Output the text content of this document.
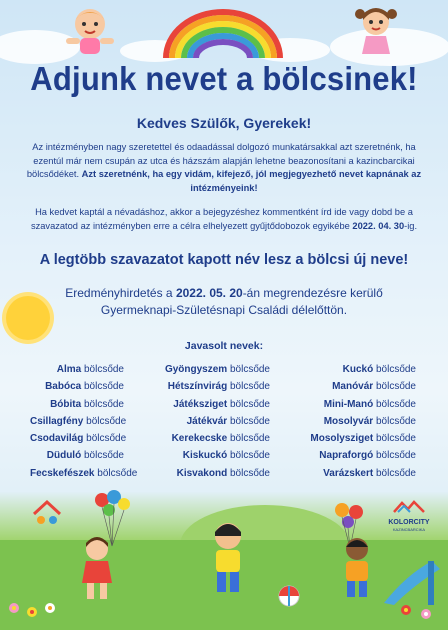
Adjunk nevet a bölcsinek!
Kedves Szülők, Gyerekek!
Az intézményben nagy szeretettel és odaadással dolgozó munkatársakkal azt szeretnénk, ha ezentúl már nem csupán az utca és házszám alapján lehetne beazonosítani a kazincbarcikai bölcsődéket. Azt szeretnénk, ha egy vidám, kifejező, jól megjegyezhető nevet kapnának az intézményeink!
Ha kedvet kaptál a névadáshoz, akkor a bejegyzéshez kommentként írd ide vagy dobd be a szavazatod az intézményben erre a célra elhelyezett gyűjtődobozok egyikébe 2022. 04. 30-ig.
A legtöbb szavazatot kapott név lesz a bölcsi új neve!
Eredményhirdetés a 2022. 05. 20-án megrendezésre kerülő Gyermeknapi-Születésnapi Családi délelőttön.
Javasolt nevek:
Alma bölcsőde
Babóca bölcsőde
Bóbita bölcsőde
Csillagfény bölcsőde
Csodavilág bölcsőde
Düduló bölcsőde
Fecskefészek bölcsőde
Gyöngyszem bölcsőde
Hétszínvirág bölcsőde
Játéksziget bölcsőde
Játékvár bölcsőde
Kerekecske bölcsőde
Kiskuckó bölcsőde
Kisvakond bölcsőde
Kuckó bölcsőde
Manóvár bölcsőde
Mini-Manó bölcsőde
Mosolyvár bölcsőde
Mosolysziget bölcsőde
Napraforgó bölcsőde
Varázskert bölcsőde
KOLORCITY
KAZINCBARCIKA
